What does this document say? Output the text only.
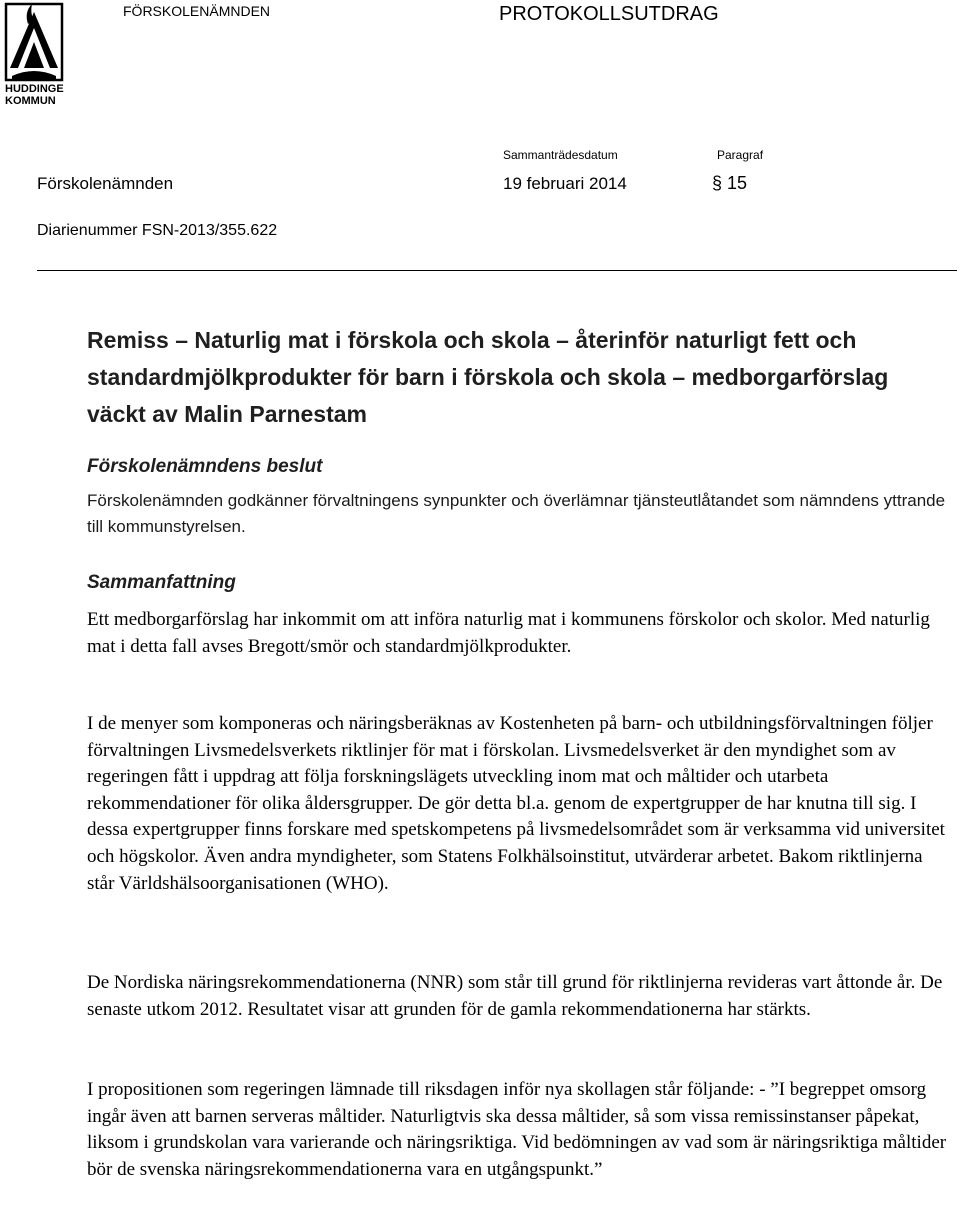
HUDDINGE
KOMMUN
FÖRSKOLENÄMNDEN	PROTOKOLLSUTDRAG
Sammanträdesdatum	Paragraf
Förskolenämnden	19 februari 2014	§ 15
Diarienummer FSN-2013/355.622
Remiss – Naturlig mat i förskola och skola – återinför naturligt fett och standardmjölkprodukter för barn i förskola och skola – medborgarförslag väckt av Malin Parnestam
Förskolenämndens beslut

Förskolenämnden godkänner förvaltningens synpunkter och överlämnar tjänsteutlåtandet som nämndens yttrande till kommunstyrelsen.

Sammanfattning

Ett medborgarförslag har inkommit om att införa naturlig mat i kommunens förskolor och skolor. Med naturlig mat i detta fall avses Bregott/smör och standardmjölkprodukter.

I de menyer som komponeras och näringsberäknas av Kostenheten på barn- och utbildningsförvaltningen följer förvaltningen Livsmedelsverkets riktlinjer för mat i förskolan. Livsmedelsverket är den myndighet som av regeringen fått i uppdrag att följa forskningslägets utveckling inom mat och måltider och utarbeta rekommendationer för olika åldersgrupper. De gör detta bl.a. genom de expertgrupper de har knutna till sig. I dessa expertgrupper finns forskare med spetskompetens på livsmedelsområdet som är verksamma vid universitet och högskolor. Även andra myndigheter, som Statens Folkhälsoinstitut, utvärderar arbetet. Bakom riktlinjerna står Världshälsoorganisationen (WHO).

De Nordiska näringsrekommendationerna (NNR) som står till grund för riktlinjerna revideras vart åttonde år. De senaste utkom 2012. Resultatet visar att grunden för de gamla rekommendationerna har stärkts.

I propositionen som regeringen lämnade till riksdagen inför nya skollagen står följande: - ”I begreppet omsorg ingår även att barnen serveras måltider. Naturligtvis ska dessa måltider, så som vissa remissinstanser påpekat, liksom i grundskolan vara varierande och näringsriktiga. Vid bedömningen av vad som är näringsriktiga måltider bör de svenska näringsrekommendationerna vara en utgångspunkt.”
